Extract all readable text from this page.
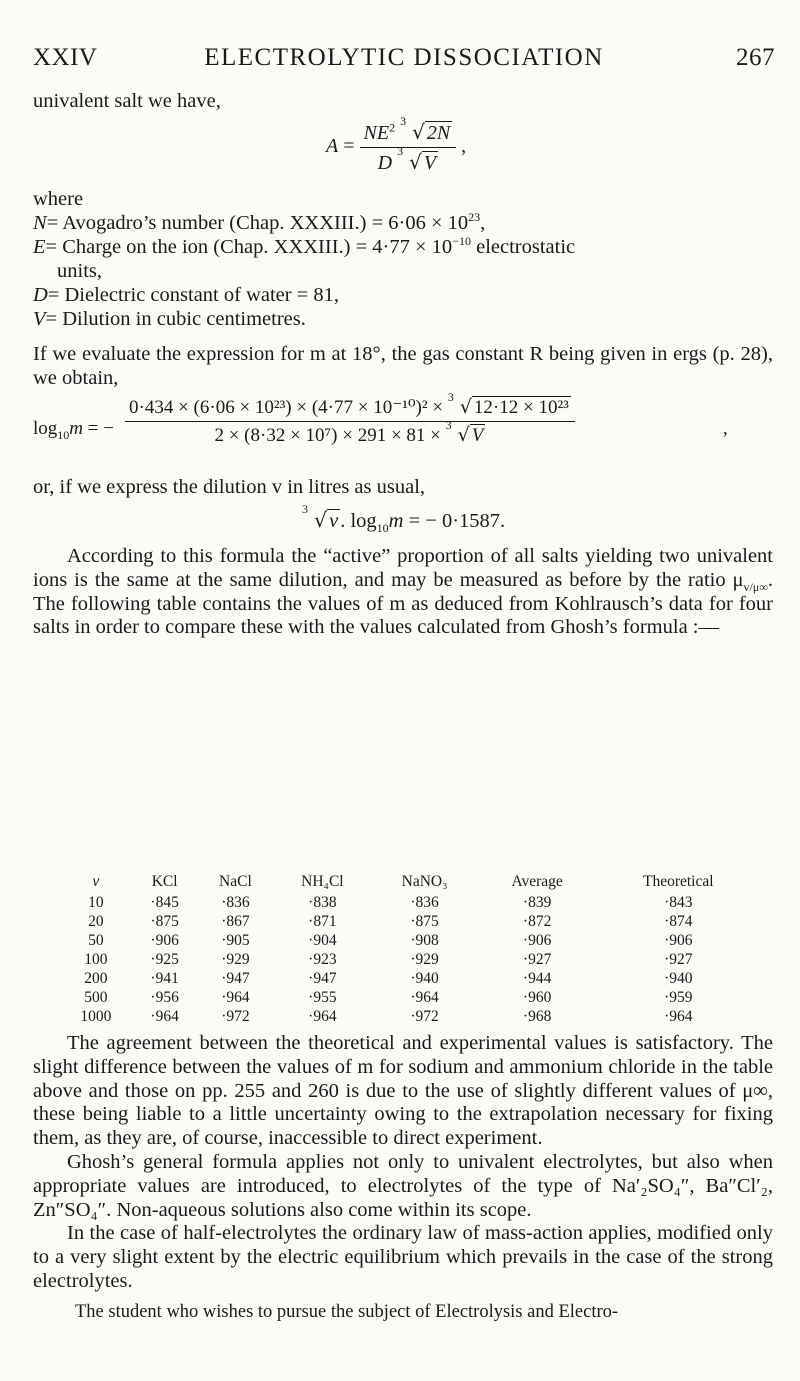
XXIV	ELECTROLYTIC DISSOCIATION	267
univalent salt we have,
$A = NE^2$ 3 √ 2N
D
3 √ V ,
where
N= Avogadro’s number (Chap. XXXIII.) = $6\cdot 06 \times 10^{23}$,
E= Charge on the ion (Chap. XXXIII.) = $4\cdot 77 \times 10^{-10}$ electrostatic
units,
D= Dielectric constant of water = 81,
V= Dilution in cubic centimetres.
If we evaluate the expression for m at 18°, the gas constant R being given in ergs (p. 28), we obtain,
$\log_{10}m$ = − $\frac{\text{0·434 × (6·06 × 10²³) × (4·77 × 10⁻¹⁰)² × 3 √ 12·12 × 10²³}}{\text{2 × (8·32 × 10⁷) × 291 × 81 × 3 √ V}}$	,
or, if we express the dilution v in litres as usual,
3 √v. $\log_{10}m$ = − 0·1587.
According to this formula the “active” proportion of all salts yielding two univalent ions is the same at the same dilution, and may be measured as before by the ratio $\mu_{v/\mu\infty}$. The following table contains the values of m as deduced from Kohlrausch’s data for four salts in order to compare these with the values calculated from Ghosh’s formula :—
v	KCl	NaCl	NH₄Cl	NaNO₃	Average	Theoretical
10	·845	·836	·838	·836	·839	·843
20	·875	·867	·871	·875	·872	·874
50	·906	·905	·904	·908	·906	·906
100	·925	·929	·923	·929	·927	·927
200	·941	·947	·947	·940	·944	·940
500	·956	·964	·955	·964	·960	·959
1000	·964	·972	·964	·972	·968	·964
The agreement between the theoretical and experimental values is satisfactory. The slight difference between the values of m for sodium and ammonium chloride in the table above and those on pp. 255 and 260 is due to the use of slightly different values of μ∞, these being liable to a little uncertainty owing to the extrapolation necessary for fixing them, as they are, of course, inaccessible to direct experiment.
Ghosh’s general formula applies not only to univalent electrolytes, but also when appropriate values are introduced, to electrolytes of the type of Na′₂SO₄″, Ba″Cl′₂, Zn″SO₄″. Non-aqueous solutions also come within its scope.
In the case of half-electrolytes the ordinary law of mass-action applies, modified only to a very slight extent by the electric equilibrium which prevails in the case of the strong electrolytes.
The student who wishes to pursue the subject of Electrolysis and Electro-
